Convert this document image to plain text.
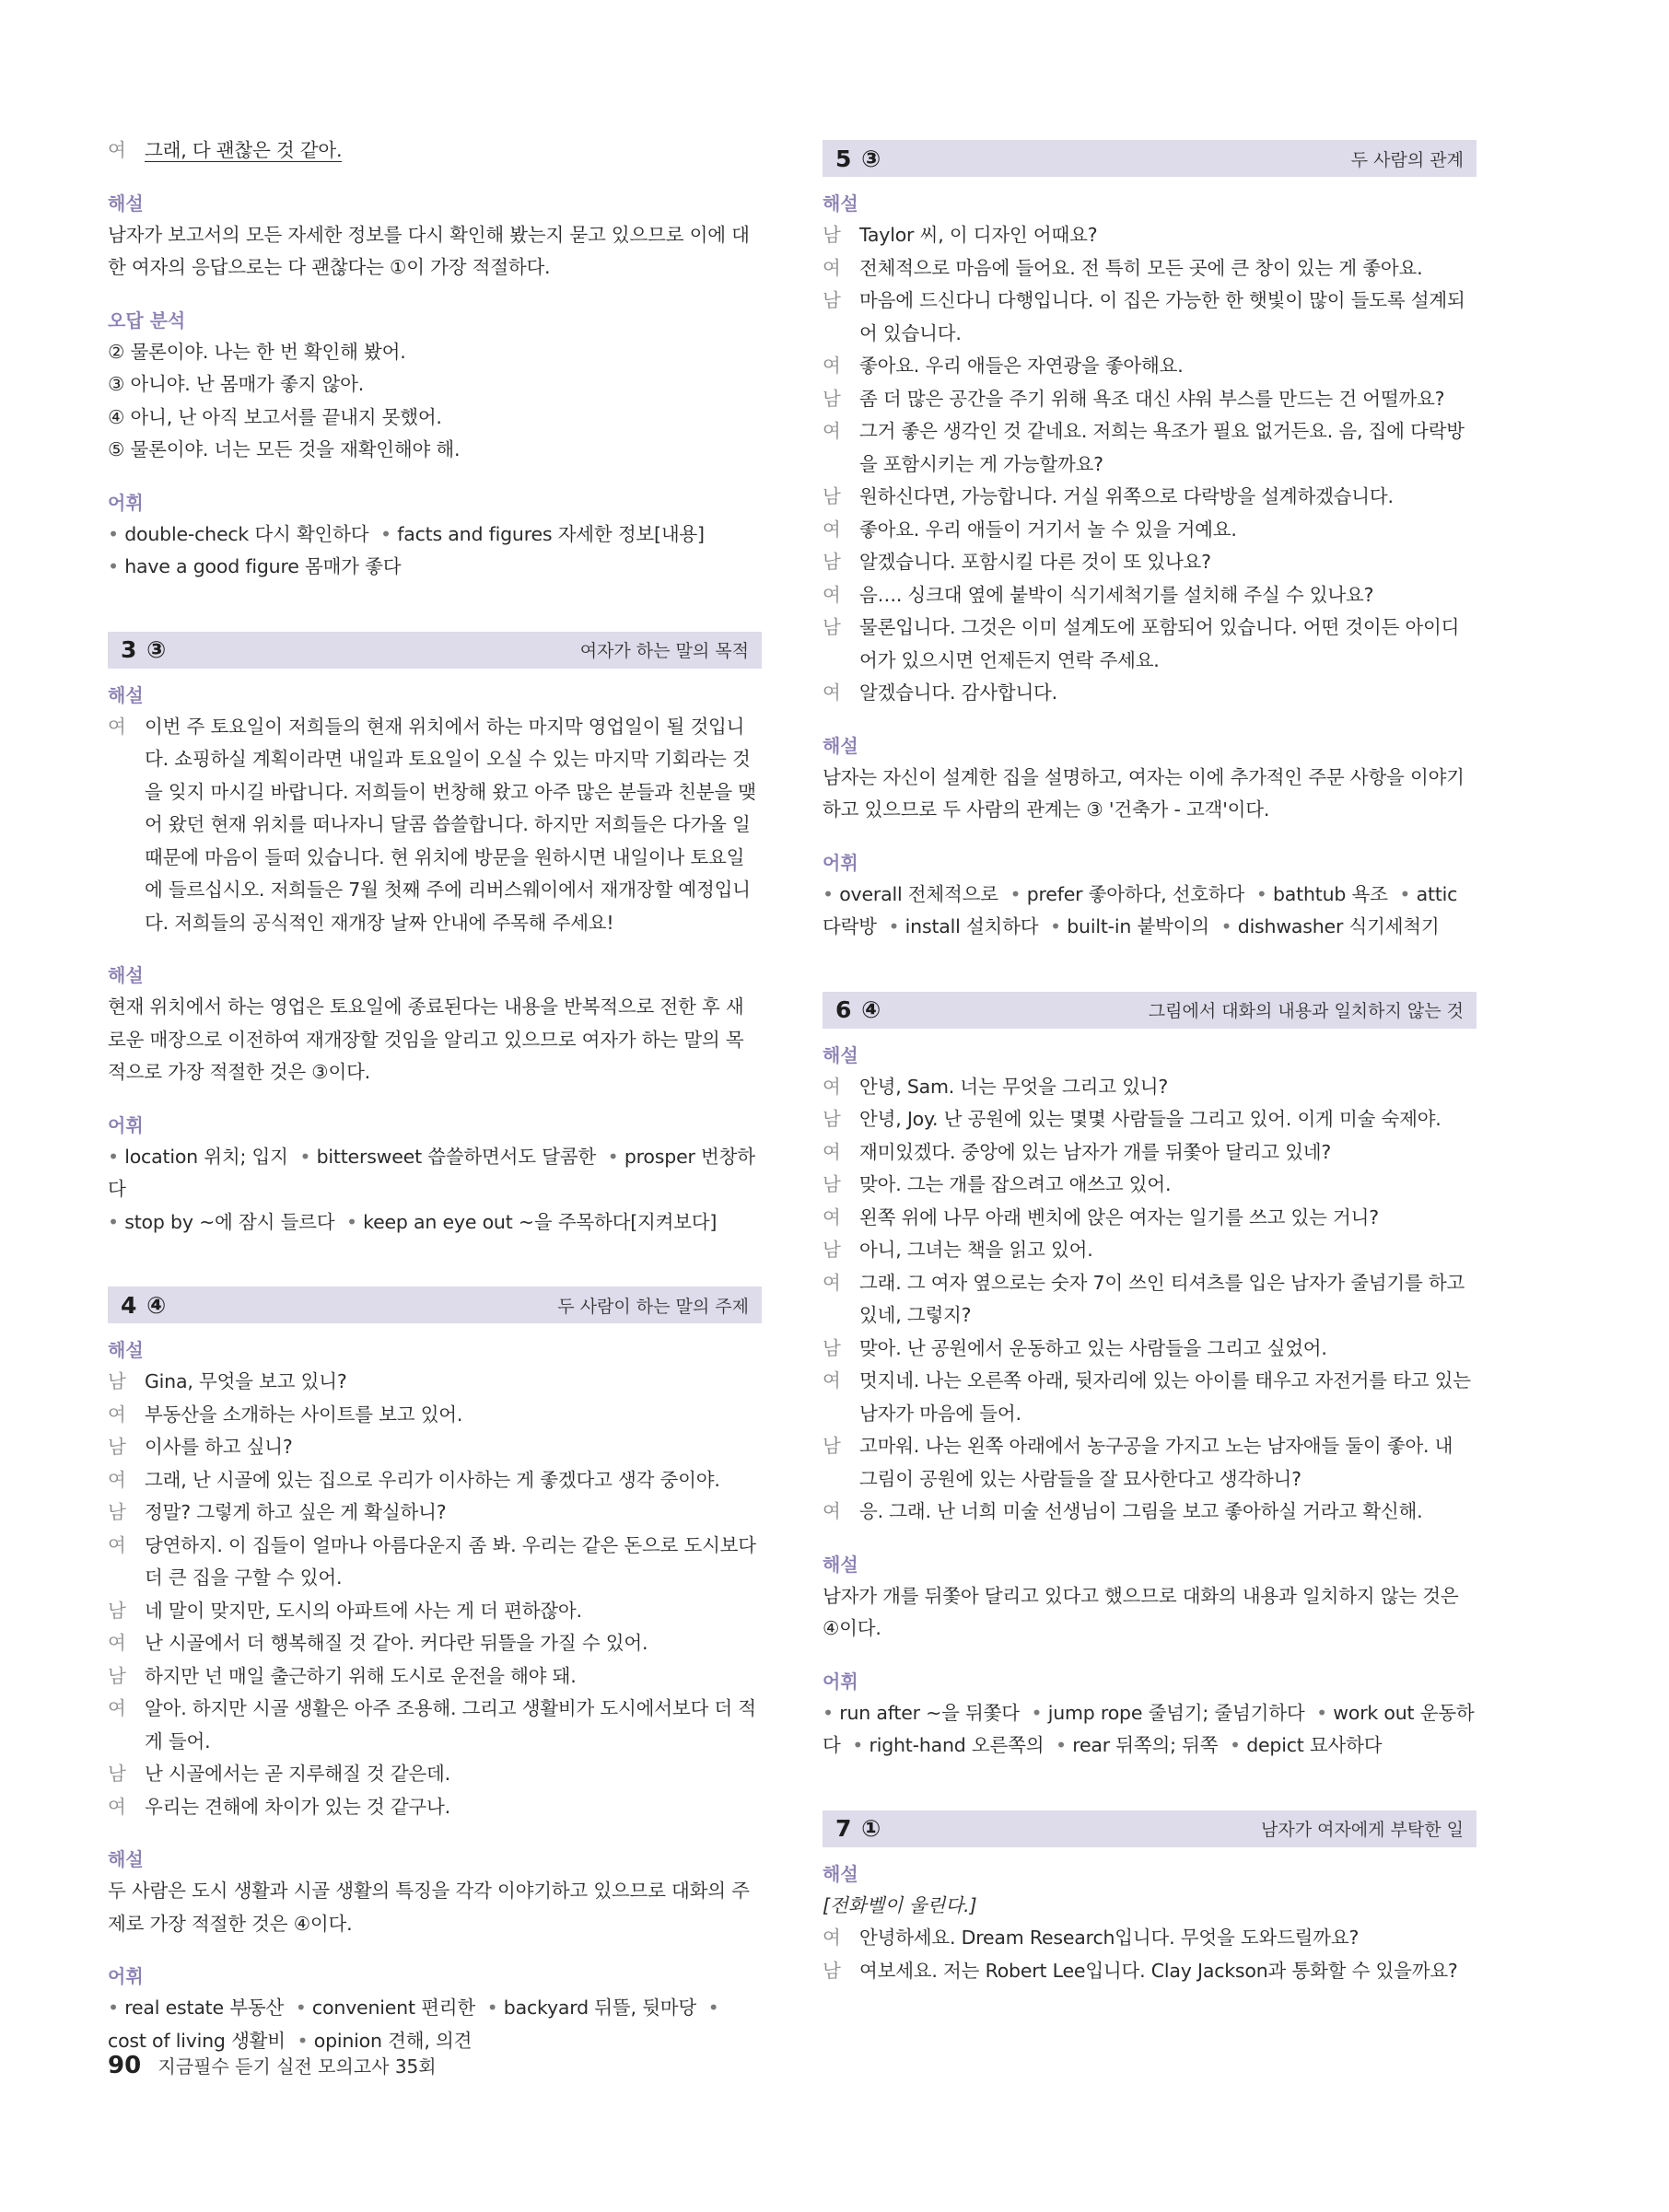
여 그래, 다 괜찮은 것 같아.
해설
남자가 보고서의 모든 자세한 정보를 다시 확인해 봤는지 묻고 있으므로 이에 대한 여자의 응답으로는 다 괜찮다는 ①이 가장 적절하다.
오답 분석
② 물론이야. 나는 한 번 확인해 봤어.
③ 아니야. 난 몸매가 좋지 않아.
④ 아니, 난 아직 보고서를 끝내지 못했어.
⑤ 물론이야. 너는 모든 것을 재확인해야 해.
어휘
• double-check 다시 확인하다 • facts and figures 자세한 정보[내용]
• have a good figure 몸매가 좋다
3 ③	여자가 하는 말의 목적
해설
여 이번 주 토요일이 저희들의 현재 위치에서 하는 마지막 영업일이 될 것입니다. 쇼핑하실 계획이라면 내일과 토요일이 오실 수 있는 마지막 기회라는 것을 잊지 마시길 바랍니다. 저희들이 번창해 왔고 아주 많은 분들과 친분을 맺어 왔던 현재 위치를 떠나자니 달콤 씁쓸합니다. 하지만 저희들은 다가올 일 때문에 마음이 들떠 있습니다. 현 위치에 방문을 원하시면 내일이나 토요일에 들르십시오. 저희들은 7월 첫째 주에 리버스웨이에서 재개장할 예정입니다. 저희들의 공식적인 재개장 날짜 안내에 주목해 주세요!
해설
현재 위치에서 하는 영업은 토요일에 종료된다는 내용을 반복적으로 전한 후 새로운 매장으로 이전하여 재개장할 것임을 알리고 있으므로 여자가 하는 말의 목적으로 가장 적절한 것은 ③이다.
어휘
• location 위치; 입지 • bittersweet 씁쓸하면서도 달콤한 • prosper 번창하다
• stop by ~에 잠시 들르다 • keep an eye out ~을 주목하다[지켜보다]
4 ④	두 사람이 하는 말의 주제
해설
남 Gina, 무엇을 보고 있니?
여 부동산을 소개하는 사이트를 보고 있어.
남 이사를 하고 싶니?
여 그래, 난 시골에 있는 집으로 우리가 이사하는 게 좋겠다고 생각 중이야.
남 정말? 그렇게 하고 싶은 게 확실하니?
여 당연하지. 이 집들이 얼마나 아름다운지 좀 봐. 우리는 같은 돈으로 도시보다 더 큰 집을 구할 수 있어.
남 네 말이 맞지만, 도시의 아파트에 사는 게 더 편하잖아.
여 난 시골에서 더 행복해질 것 같아. 커다란 뒤뜰을 가질 수 있어.
남 하지만 넌 매일 출근하기 위해 도시로 운전을 해야 돼.
여 알아. 하지만 시골 생활은 아주 조용해. 그리고 생활비가 도시에서보다 더 적게 들어.
남 난 시골에서는 곧 지루해질 것 같은데.
여 우리는 견해에 차이가 있는 것 같구나.
해설
두 사람은 도시 생활과 시골 생활의 특징을 각각 이야기하고 있으므로 대화의 주제로 가장 적절한 것은 ④이다.
어휘
• real estate 부동산 • convenient 편리한 • backyard 뒤뜰, 뒷마당 • cost of living 생활비 • opinion 견해, 의견
5 ③	두 사람의 관계
해설
남 Taylor 씨, 이 디자인 어때요?
여 전체적으로 마음에 들어요. 전 특히 모든 곳에 큰 창이 있는 게 좋아요.
남 마음에 드신다니 다행입니다. 이 집은 가능한 한 햇빛이 많이 들도록 설계되어 있습니다.
여 좋아요. 우리 애들은 자연광을 좋아해요.
남 좀 더 많은 공간을 주기 위해 욕조 대신 샤워 부스를 만드는 건 어떨까요?
여 그거 좋은 생각인 것 같네요. 저희는 욕조가 필요 없거든요. 음, 집에 다락방을 포함시키는 게 가능할까요?
남 원하신다면, 가능합니다. 거실 위쪽으로 다락방을 설계하겠습니다.
여 좋아요. 우리 애들이 거기서 놀 수 있을 거예요.
남 알겠습니다. 포함시킬 다른 것이 또 있나요?
여 음…. 싱크대 옆에 붙박이 식기세척기를 설치해 주실 수 있나요?
남 물론입니다. 그것은 이미 설계도에 포함되어 있습니다. 어떤 것이든 아이디어가 있으시면 언제든지 연락 주세요.
여 알겠습니다. 감사합니다.
해설
남자는 자신이 설계한 집을 설명하고, 여자는 이에 추가적인 주문 사항을 이야기하고 있으므로 두 사람의 관계는 ③ '건축가 - 고객'이다.
어휘
• overall 전체적으로 • prefer 좋아하다, 선호하다 • bathtub 욕조 • attic 다락방 • install 설치하다 • built-in 붙박이의 • dishwasher 식기세척기
6 ④	그림에서 대화의 내용과 일치하지 않는 것
해설
여 안녕, Sam. 너는 무엇을 그리고 있니?
남 안녕, Joy. 난 공원에 있는 몇몇 사람들을 그리고 있어. 이게 미술 숙제야.
여 재미있겠다. 중앙에 있는 남자가 개를 뒤쫓아 달리고 있네?
남 맞아. 그는 개를 잡으려고 애쓰고 있어.
여 왼쪽 위에 나무 아래 벤치에 앉은 여자는 일기를 쓰고 있는 거니?
남 아니, 그녀는 책을 읽고 있어.
여 그래. 그 여자 옆으로는 숫자 7이 쓰인 티셔츠를 입은 남자가 줄넘기를 하고 있네, 그렇지?
남 맞아. 난 공원에서 운동하고 있는 사람들을 그리고 싶었어.
여 멋지네. 나는 오른쪽 아래, 뒷자리에 있는 아이를 태우고 자전거를 타고 있는 남자가 마음에 들어.
남 고마워. 나는 왼쪽 아래에서 농구공을 가지고 노는 남자애들 둘이 좋아. 내 그림이 공원에 있는 사람들을 잘 묘사한다고 생각하니?
여 응. 그래. 난 너희 미술 선생님이 그림을 보고 좋아하실 거라고 확신해.
해설
남자가 개를 뒤쫓아 달리고 있다고 했으므로 대화의 내용과 일치하지 않는 것은 ④이다.
어휘
• run after ~을 뒤쫓다 • jump rope 줄넘기; 줄넘기하다 • work out 운동하다 • right-hand 오른쪽의 • rear 뒤쪽의; 뒤쪽 • depict 묘사하다
7 ①	남자가 여자에게 부탁한 일
해설
[전화벨이 울린다.]
여 안녕하세요. Dream Research입니다. 무엇을 도와드릴까요?
남 여보세요. 저는 Robert Lee입니다. Clay Jackson과 통화할 수 있을까요?
90 지금필수 듣기 실전 모의고사 35회
